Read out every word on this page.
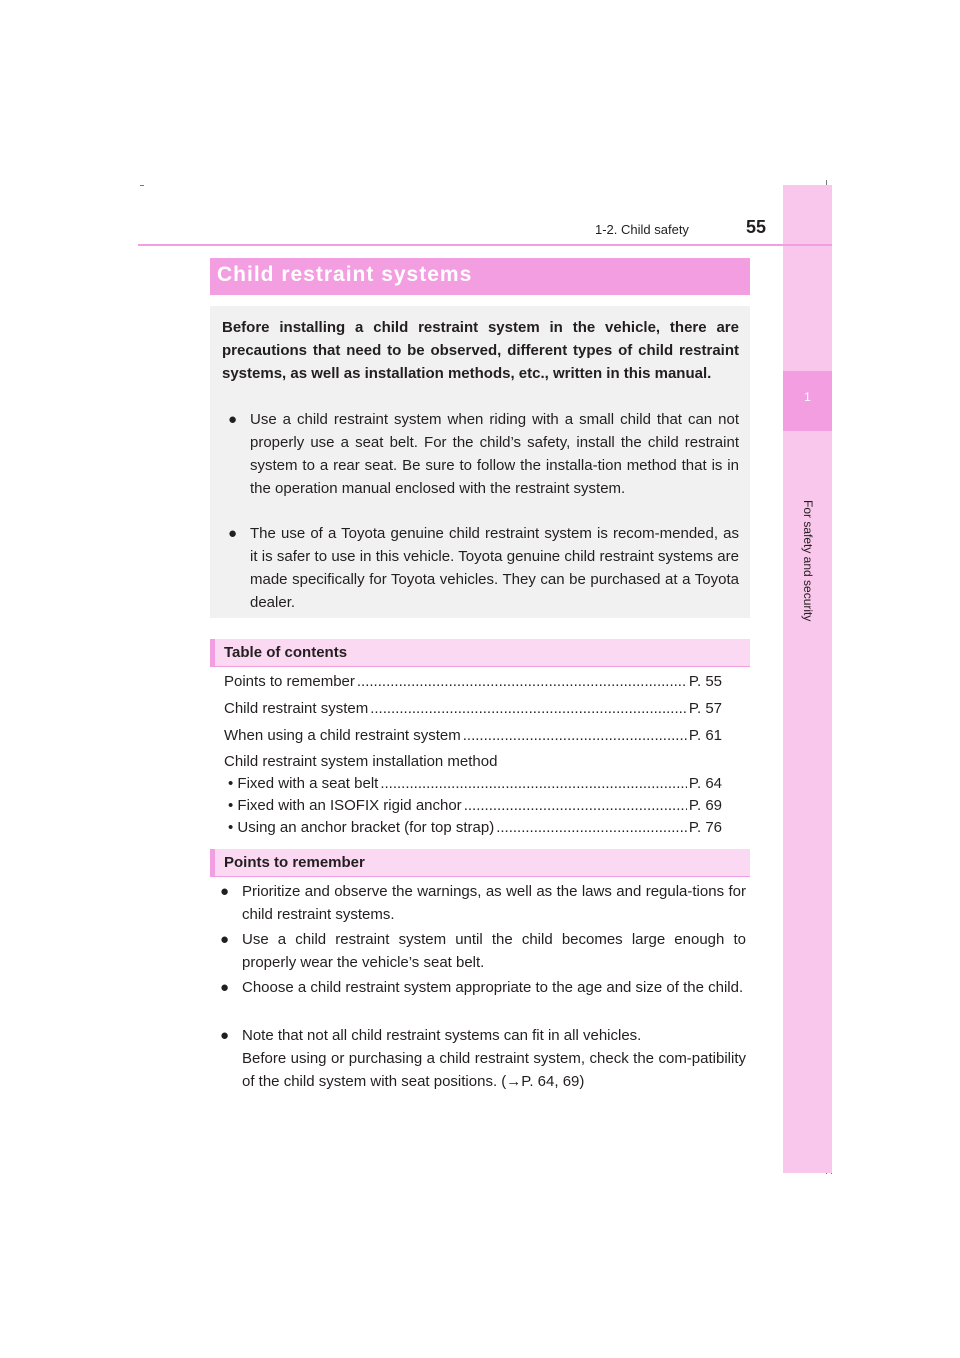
1
For safety and security
1-2. Child safety	55
Child restraint systems
Before installing a child restraint system in the vehicle, there are precautions that need to be observed, different types of child restraint systems, as well as installation methods, etc., written in this manual.
● Use a child restraint system when riding with a small child that can not properly use a seat belt. For the child’s safety, install the child restraint system to a rear seat. Be sure to follow the installa-tion method that is in the operation manual enclosed with the restraint system.
● The use of a Toyota genuine child restraint system is recom-mended, as it is safer to use in this vehicle. Toyota genuine child restraint systems are made specifically for Toyota vehicles. They can be purchased at a Toyota dealer.
Table of contents
Points to remember .....	P. 55
Child restraint system .....	P. 57
When using a child restraint system .....	P. 61
Child restraint system installation method
• Fixed with a seat belt .....	P. 64
• Fixed with an ISOFIX rigid anchor .....	P. 69
• Using an anchor bracket (for top strap) .....	P. 76
Points to remember
● Prioritize and observe the warnings, as well as the laws and regula-tions for child restraint systems.
● Use a child restraint system until the child becomes large enough to properly wear the vehicle’s seat belt.
● Choose a child restraint system appropriate to the age and size of the child.
● Note that not all child restraint systems can fit in all vehicles.
Before using or purchasing a child restraint system, check the com-patibility of the child system with seat positions. (→P. 64, 69)
